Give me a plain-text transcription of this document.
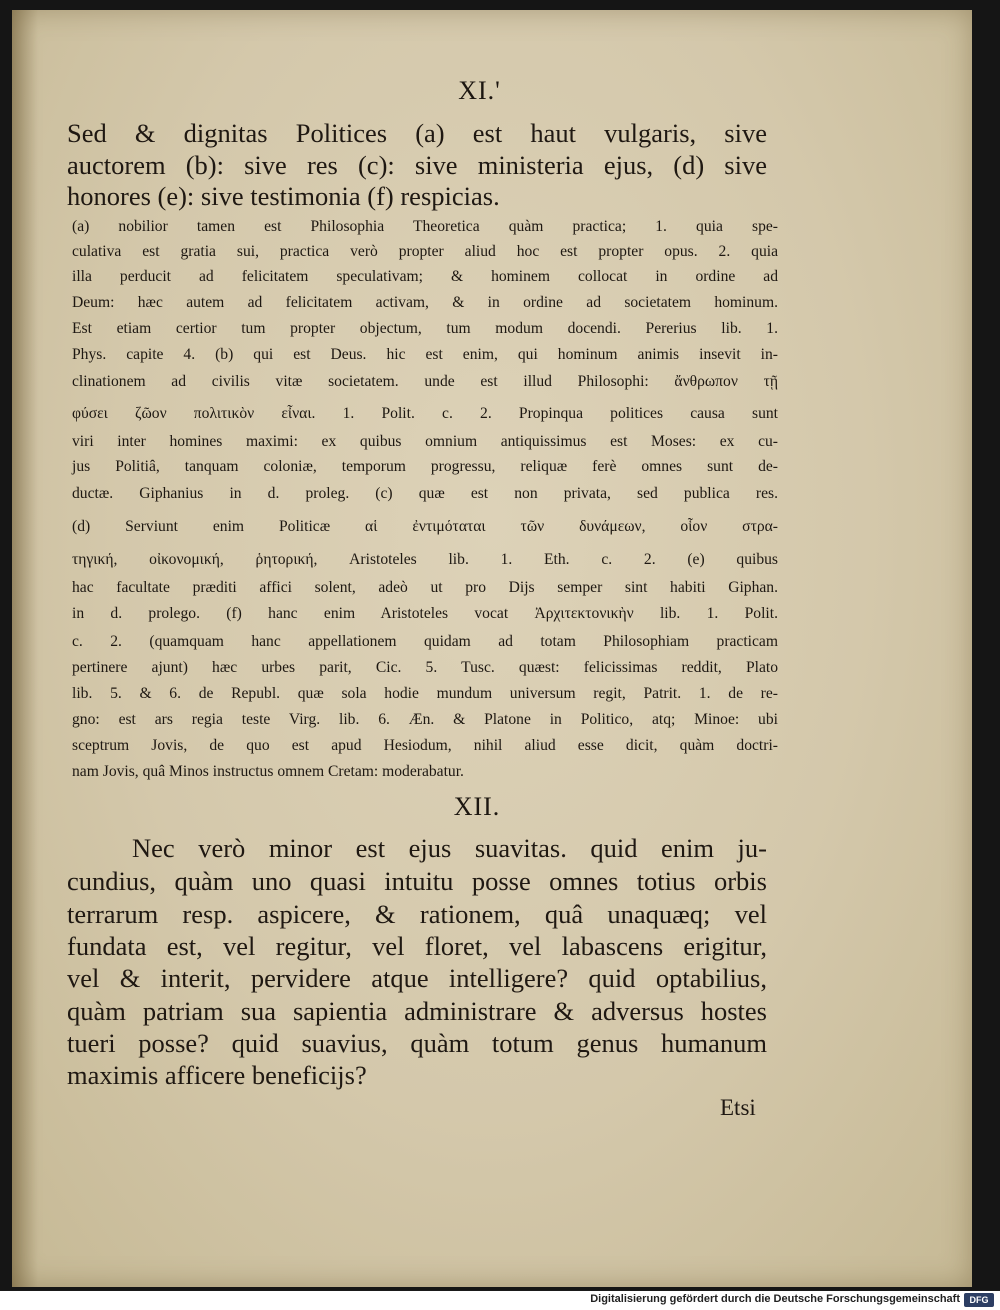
XI.'
Sed & dignitas Politices (a) est haut vulgaris, sive
auctorem (b): sive res (c): sive ministeria ejus, (d) sive
honores (e): sive testimonia (f) respicias.
(a) nobilior tamen est Philosophia Theoretica quàm practica; 1. quia spe-
culativa est gratia sui, practica verò propter aliud hoc est propter opus. 2. quia
illa perducit ad felicitatem speculativam; & hominem collocat in ordine ad
Deum: hæc autem ad felicitatem activam, & in ordine ad societatem hominum.
Est etiam certior tum propter objectum, tum modum docendi. Pererius lib. 1.
Phys. capite 4. (b) qui est Deus. hic est enim, qui hominum animis insevit in-
clinationem ad civilis vitæ societatem. unde est illud Philosophi: ἄνθρωπον τῇ
φύσει ζῶον πολιτικὸν εἶναι. 1. Polit. c. 2. Propinqua politices causa sunt
viri inter homines maximi: ex quibus omnium antiquissimus est Moses: ex cu-
jus Politiâ, tanquam coloniæ, temporum progressu, reliquæ ferè omnes sunt de-
ductæ. Giphanius in d. proleg. (c) quæ est non privata, sed publica res.
(d) Serviunt enim Politicæ αἱ ἐντιμόταται τῶν δυνάμεων, οἷον στρα-
τηγική, οἰκονομική, ῥητορική, Aristoteles lib. 1. Eth. c. 2. (e) quibus
hac facultate præditi affici solent, adeò ut pro Dijs semper sint habiti Giphan.
in d. prolego. (f) hanc enim Aristoteles vocat Ἀρχιτεκτονικὴν lib. 1. Polit.
c. 2. (quamquam hanc appellationem quidam ad totam Philosophiam practicam
pertinere ajunt) hæc urbes parit, Cic. 5. Tusc. quæst: felicissimas reddit, Plato
lib. 5. & 6. de Republ. quæ sola hodie mundum universum regit, Patrit. 1. de re-
gno: est ars regia teste Virg. lib. 6. Æn. & Platone in Politico, atq; Minoe: ubi
sceptrum Jovis, de quo est apud Hesiodum, nihil aliud esse dicit, quàm doctri-
nam Jovis, quâ Minos instructus omnem Cretam: moderabatur.
XII.
Nec verò minor est ejus suavitas. quid enim ju-
cundius, quàm uno quasi intuitu posse omnes totius orbis
terrarum resp. aspicere, & rationem, quâ unaquæq; vel
fundata est, vel regitur, vel floret, vel labascens erigitur,
vel & interit, pervidere atque intelligere? quid optabilius,
quàm patriam sua sapientia administrare & adversus hostes
tueri posse? quid suavius, quàm totum genus humanum
maximis afficere beneficijs?
Etsi
Digitalisierung gefördert durch die Deutsche Forschungsgemeinschaft	DFG
